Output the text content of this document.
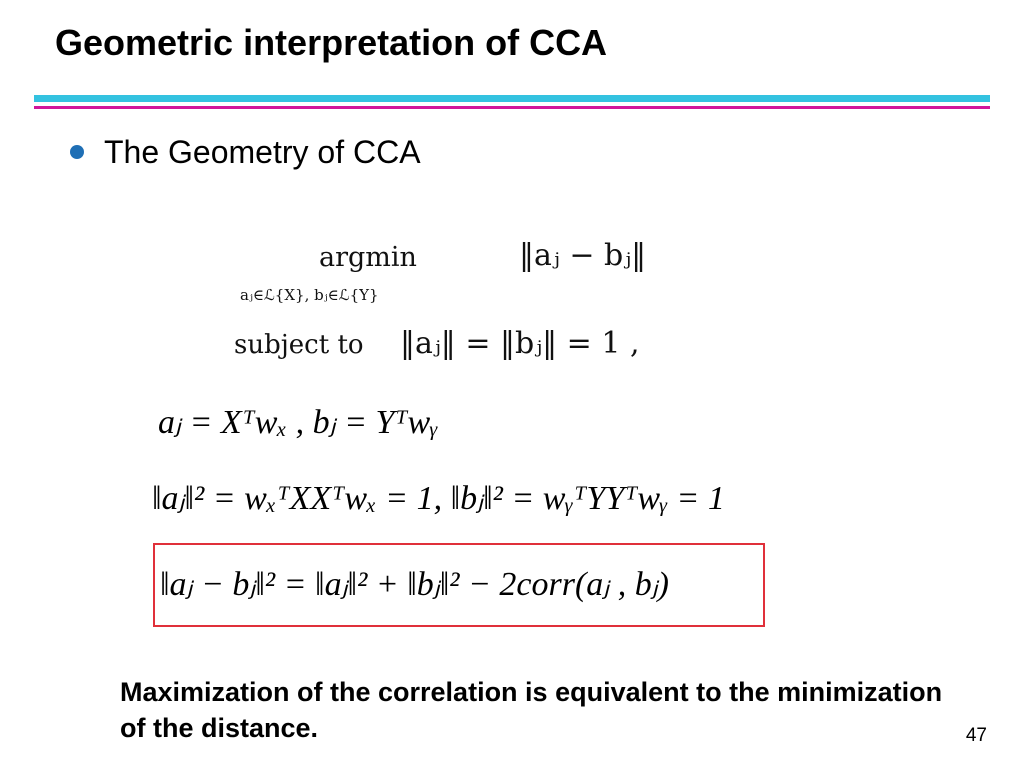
Geometric interpretation of CCA
The Geometry of CCA
argmin
aⱼ∈ℒ{X}, bⱼ∈ℒ{Y}
‖aⱼ − bⱼ‖
subject to ‖aⱼ‖ = ‖bⱼ‖ = 1 ,
aⱼ = Xᵀwₓ , bⱼ = Yᵀwᵧ
‖aⱼ‖² = wₓᵀXXᵀwₓ = 1, ‖bⱼ‖² = wᵧᵀYYᵀwᵧ = 1
‖aⱼ − bⱼ‖² = ‖aⱼ‖² + ‖bⱼ‖² − 2corr(aⱼ , bⱼ)
Maximization of the correlation is equivalent to the minimization of the distance.	47
